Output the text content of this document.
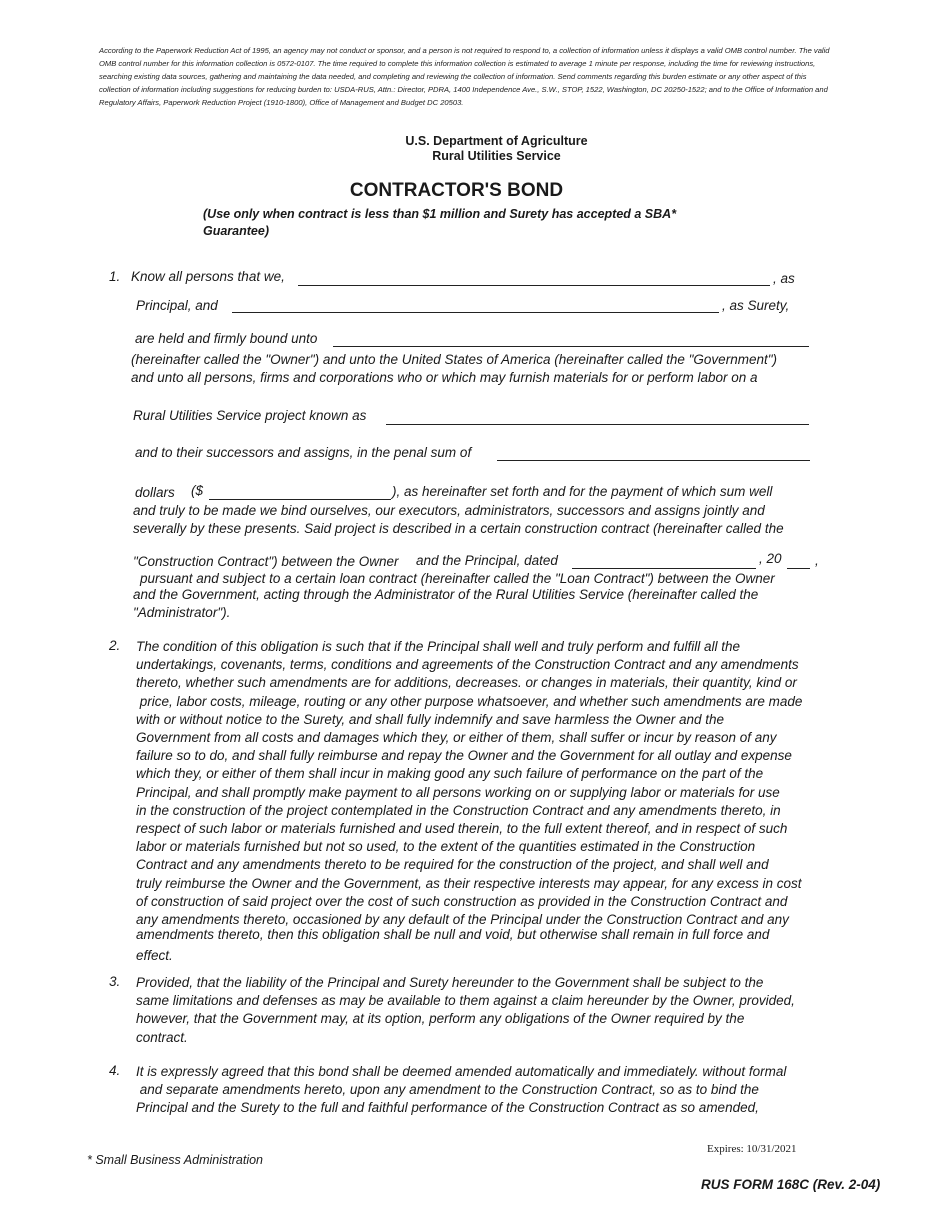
According to the Paperwork Reduction Act of 1995, an agency may not conduct or sponsor, and a person is not required to respond to, a collection of information unless it displays a valid OMB control number. The valid OMB control number for this information collection is 0572-0107. The time required to complete this information collection is estimated to average 1 minute per response, including the time for reviewing instructions, searching existing data sources, gathering and maintaining the data needed, and completing and reviewing the collection of information. Send comments regarding this burden estimate or any other aspect of this collection of information including suggestions for reducing burden to: USDA-RUS, Attn.: Director, PDRA, 1400 Independence Ave., S.W., STOP, 1522, Washington, DC 20250-1522; and to the Office of Information and Regulatory Affairs, Paperwork Reduction Project (1910-1800), Office of Management and Budget DC 20503.
U.S. Department of Agriculture
Rural Utilities Service
CONTRACTOR'S BOND
(Use only when contract is less than $1 million and Surety has accepted a SBA* Guarantee)
1. Know all persons that we,	, as
Principal, and	, as Surety,
are held and firmly bound unto
(hereinafter called the "Owner") and unto the United States of America (hereinafter called the "Government")
and unto all persons, firms and corporations who or which may furnish materials for or perform labor on a
Rural Utilities Service project known as
and to their successors and assigns, in the penal sum of
dollars ($	), as hereinafter set forth and for the payment of which sum well
and truly to be made we bind ourselves, our executors, administrators, successors and assigns jointly and
severally by these presents. Said project is described in a certain construction contract (hereinafter called the
"Construction Contract") between the Owner and the Principal, dated	, 20 ,
pursuant and subject to a certain loan contract (hereinafter called the "Loan Contract") between the Owner
and the Government, acting through the Administrator of the Rural Utilities Service (hereinafter called the
"Administrator").
2. The condition of this obligation is such that if the Principal shall well and truly perform and fulfill all the
undertakings, covenants, terms, conditions and agreements of the Construction Contract and any amendments
thereto, whether such amendments are for additions, decreases. or changes in materials, their quantity, kind or
price, labor costs, mileage, routing or any other purpose whatsoever, and whether such amendments are made
with or without notice to the Surety, and shall fully indemnify and save harmless the Owner and the
Government from all costs and damages which they, or either of them, shall suffer or incur by reason of any
failure so to do, and shall fully reimburse and repay the Owner and the Government for all outlay and expense
which they, or either of them shall incur in making good any such failure of performance on the part of the
Principal, and shall promptly make payment to all persons working on or supplying labor or materials for use
in the construction of the project contemplated in the Construction Contract and any amendments thereto, in
respect of such labor or materials furnished and used therein, to the full extent thereof, and in respect of such
labor or materials furnished but not so used, to the extent of the quantities estimated in the Construction
Contract and any amendments thereto to be required for the construction of the project, and shall well and
truly reimburse the Owner and the Government, as their respective interests may appear, for any excess in cost
of construction of said project over the cost of such construction as provided in the Construction Contract and
any amendments thereto, occasioned by any default of the Principal under the Construction Contract and any
amendments thereto, then this obligation shall be null and void, but otherwise shall remain in full force and
effect.
3. Provided, that the liability of the Principal and Surety hereunder to the Government shall be subject to the
same limitations and defenses as may be available to them against a claim hereunder by the Owner, provided,
however, that the Government may, at its option, perform any obligations of the Owner required by the
contract.
4. It is expressly agreed that this bond shall be deemed amended automatically and immediately. without formal
and separate amendments hereto, upon any amendment to the Construction Contract, so as to bind the
Principal and the Surety to the full and faithful performance of the Construction Contract as so amended,
Expires: 10/31/2021
* Small Business Administration
RUS FORM 168C (Rev. 2-04)
